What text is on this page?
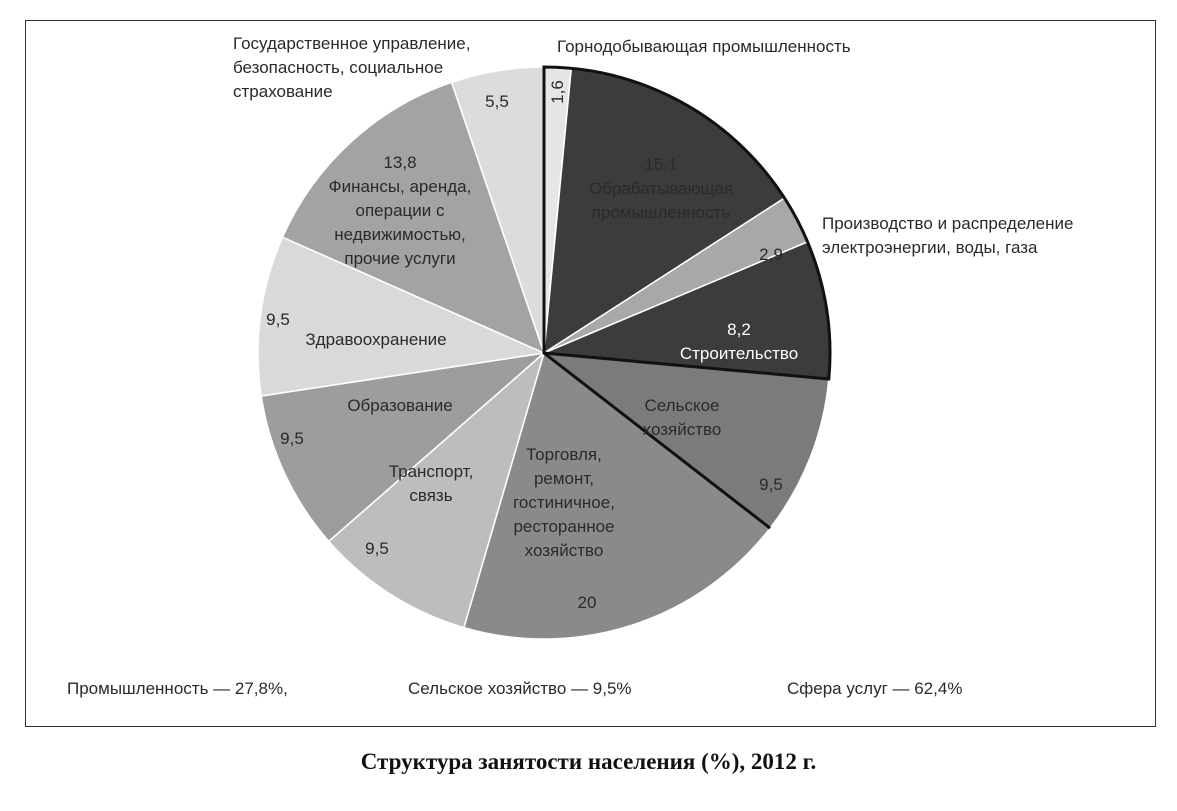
Горнодобывающая промышленность
1,6
15,1
Обрабатывающая
промышленность
Производство и распределение
электроэнергии, воды, газа
2,9
8,2
Строительство
Сельское
хозяйство
9,5
Торговля,
ремонт,
гостиничное,
ресторанное
хозяйство
20
Транспорт,
связь
9,5
Образование
9,5
Здравоохранение
9,5
13,8
Финансы, аренда,
операции с
недвижимостью,
прочие услуги
Государственное управление,
безопасность, социальное
страхование
5,5
Промышленность — 27,8%,	Сельское хозяйство — 9,5%	Сфера услуг — 62,4%
Структура занятости населения (%), 2012 г.
